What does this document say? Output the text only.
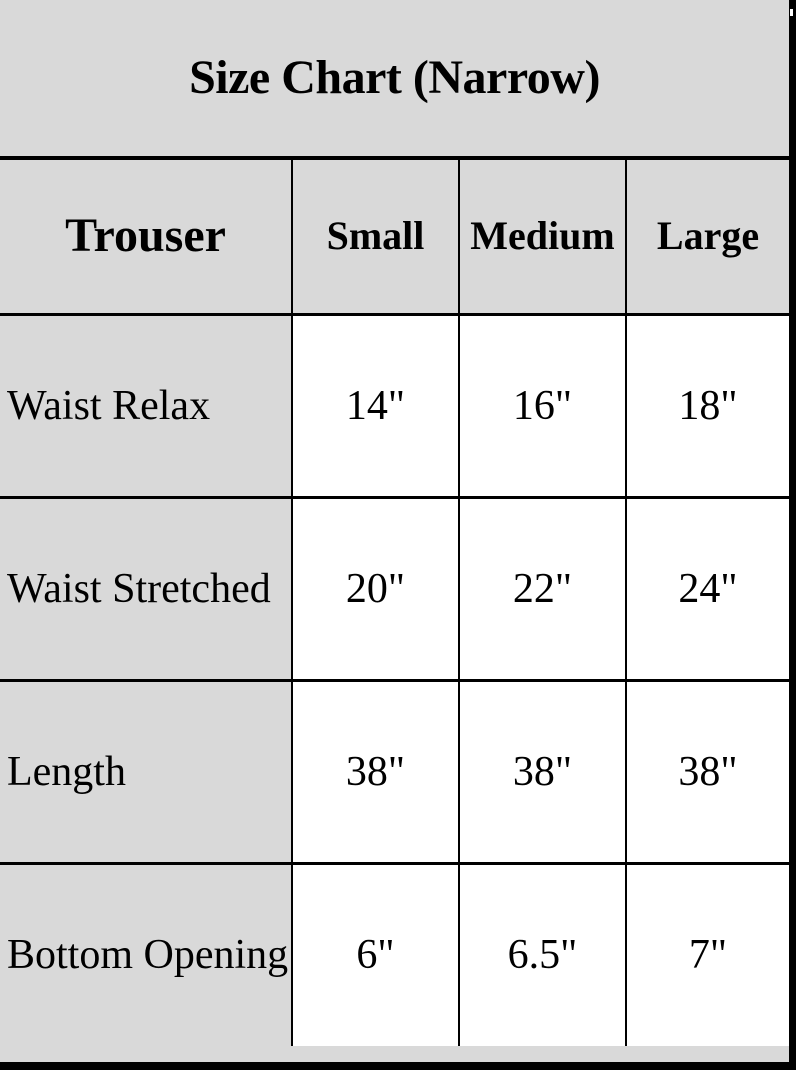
Size Chart (Narrow)			
Trouser	Small	Medium	Large
Waist Relax	14"	16"	18"
Waist Stretched	20"	22"	24"
Length	38"	38"	38"
Bottom Opening	6"	6.5"	7"
